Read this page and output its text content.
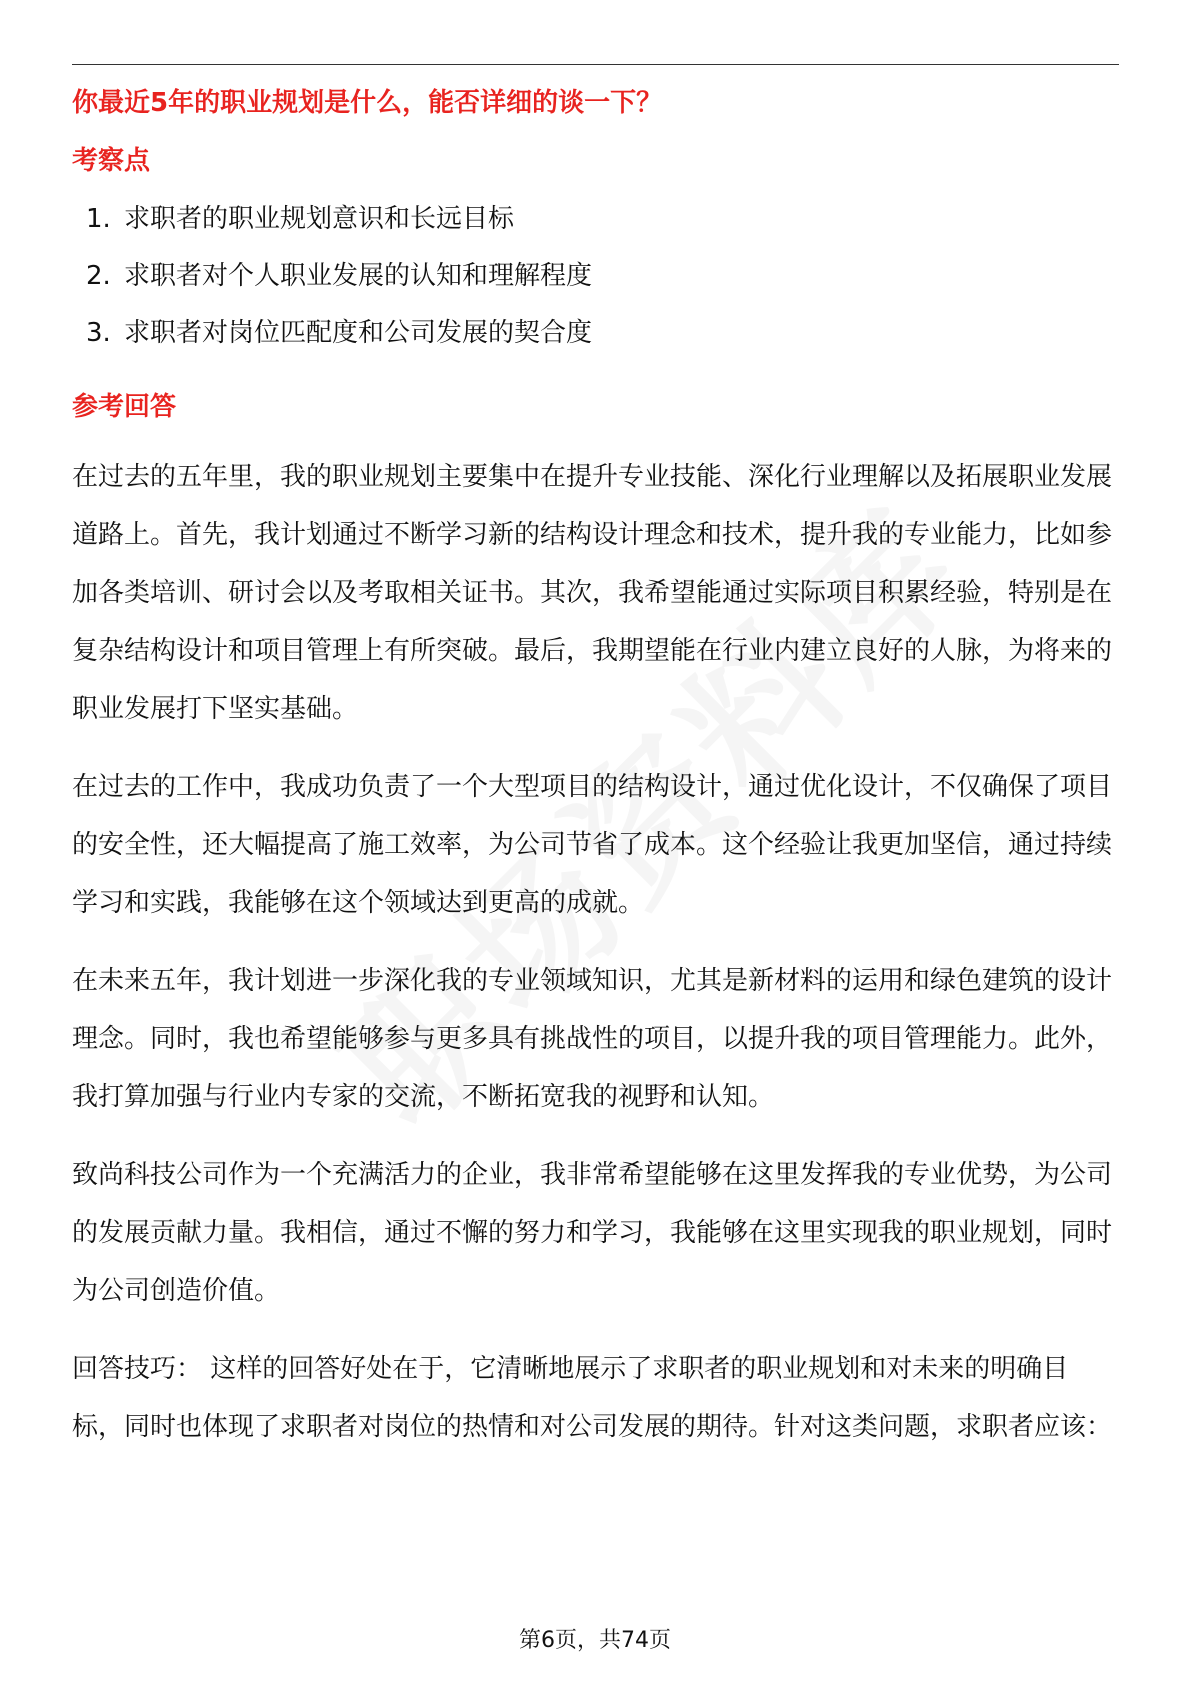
你最近5年的职业规划是什么，能否详细的谈一下？
考察点
1. 求职者的职业规划意识和长远目标
2. 求职者对个人职业发展的认知和理解程度
3. 求职者对岗位匹配度和公司发展的契合度
参考回答

在过去的五年里，我的职业规划主要集中在提升专业技能、深化行业理解以及拓展职业发展道路上。首先，我计划通过不断学习新的结构设计理念和技术，提升我的专业能力，比如参加各类培训、研讨会以及考取相关证书。其次，我希望能通过实际项目积累经验，特别是在复杂结构设计和项目管理上有所突破。最后，我期望能在行业内建立良好的人脉，为将来的职业发展打下坚实基础。

在过去的工作中，我成功负责了一个大型项目的结构设计，通过优化设计，不仅确保了项目的安全性，还大幅提高了施工效率，为公司节省了成本。这个经验让我更加坚信，通过持续学习和实践，我能够在这个领域达到更高的成就。

在未来五年，我计划进一步深化我的专业领域知识，尤其是新材料的运用和绿色建筑的设计理念。同时，我也希望能够参与更多具有挑战性的项目，以提升我的项目管理能力。此外，我打算加强与行业内专家的交流，不断拓宽我的视野和认知。

致尚科技公司作为一个充满活力的企业，我非常希望能够在这里发挥我的专业优势，为公司的发展贡献力量。我相信，通过不懈的努力和学习，我能够在这里实现我的职业规划，同时为公司创造价值。

回答技巧： 这样的回答好处在于，它清晰地展示了求职者的职业规划和对未来的明确目标，同时也体现了求职者对岗位的热情和对公司发展的期待。针对这类问题，求职者应该：

第6页，共74页
